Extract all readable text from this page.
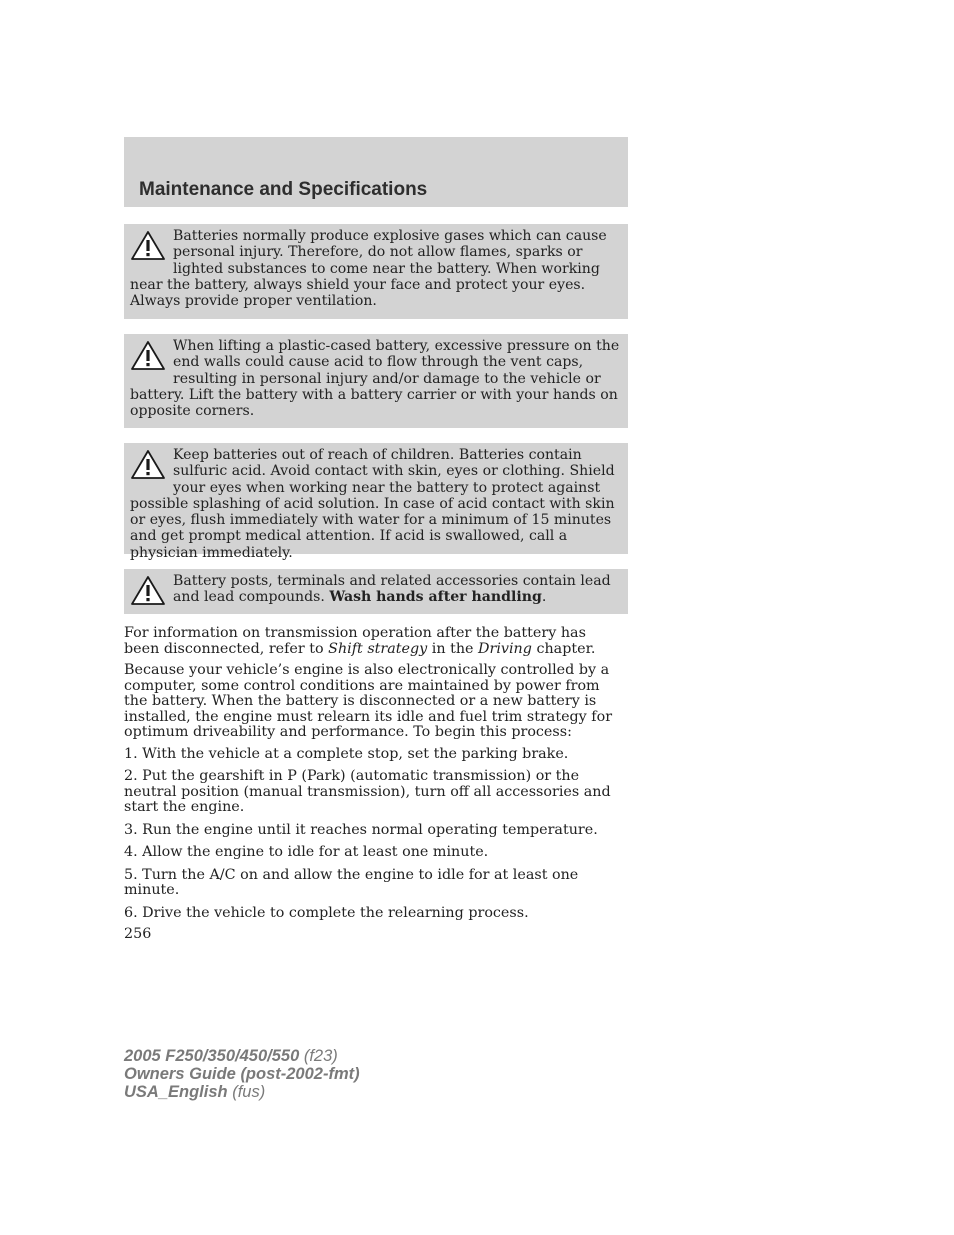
Maintenance and Specifications

Batteries normally produce explosive gases which can cause personal injury. Therefore, do not allow flames, sparks or lighted substances to come near the battery. When working near the battery, always shield your face and protect your eyes. Always provide proper ventilation.

When lifting a plastic-cased battery, excessive pressure on the end walls could cause acid to flow through the vent caps, resulting in personal injury and/or damage to the vehicle or battery. Lift the battery with a battery carrier or with your hands on opposite corners.

Keep batteries out of reach of children. Batteries contain sulfuric acid. Avoid contact with skin, eyes or clothing. Shield your eyes when working near the battery to protect against possible splashing of acid solution. In case of acid contact with skin or eyes, flush immediately with water for a minimum of 15 minutes and get prompt medical attention. If acid is swallowed, call a physician immediately.

Battery posts, terminals and related accessories contain lead and lead compounds. Wash hands after handling.

For information on transmission operation after the battery has been disconnected, refer to Shift strategy in the Driving chapter.

Because your vehicle’s engine is also electronically controlled by a computer, some control conditions are maintained by power from the battery. When the battery is disconnected or a new battery is installed, the engine must relearn its idle and fuel trim strategy for optimum driveability and performance. To begin this process:

1. With the vehicle at a complete stop, set the parking brake.

2. Put the gearshift in P (Park) (automatic transmission) or the neutral position (manual transmission), turn off all accessories and start the engine.

3. Run the engine until it reaches normal operating temperature.

4. Allow the engine to idle for at least one minute.

5. Turn the A/C on and allow the engine to idle for at least one minute.

6. Drive the vehicle to complete the relearning process.

256
2005 F250/350/450/550 (f23)
Owners Guide (post-2002-fmt)
USA_English (fus)
